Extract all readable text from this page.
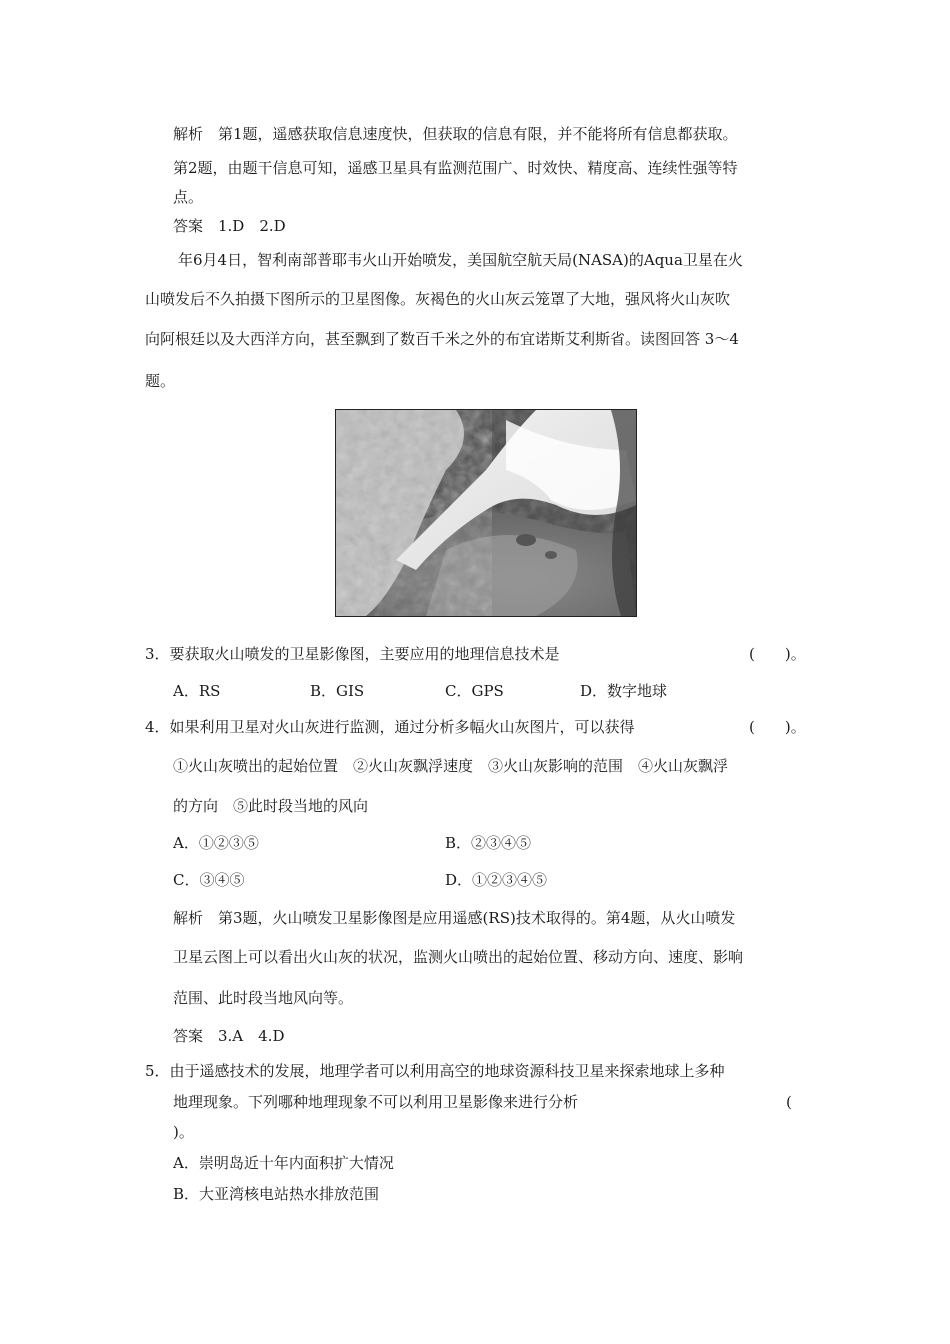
解析　第1题，遥感获取信息速度快，但获取的信息有限，并不能将所有信息都获取。
第2题，由题干信息可知，遥感卫星具有监测范围广、时效快、精度高、连续性强等特
点。
答案　1.D　2.D
年6月4日，智利南部普耶韦火山开始喷发，美国航空航天局(NASA)的Aqua卫星在火
山喷发后不久拍摄下图所示的卫星图像。灰褐色的火山灰云笼罩了大地，强风将火山灰吹
向阿根廷以及大西洋方向，甚至飘到了数百千米之外的布宜诺斯艾利斯省。读图回答 3～4
题。
3．要获取火山喷发的卫星影像图，主要应用的地理信息技术是	(　　)。
A．RS	B．GIS	C．GPS	D．数字地球
4．如果利用卫星对火山灰进行监测，通过分析多幅火山灰图片，可以获得	(　　)。
①火山灰喷出的起始位置　②火山灰飘浮速度　③火山灰影响的范围　④火山灰飘浮
的方向　⑤此时段当地的风向
A．①②③⑤	B．②③④⑤
C．③④⑤	D．①②③④⑤
解析　第3题，火山喷发卫星影像图是应用遥感(RS)技术取得的。第4题，从火山喷发
卫星云图上可以看出火山灰的状况，监测火山喷出的起始位置、移动方向、速度、影响
范围、此时段当地风向等。
答案　3.A　4.D
5．由于遥感技术的发展，地理学者可以利用高空的地球资源科技卫星来探索地球上多种
地理现象。下列哪种地理现象不可以利用卫星影像来进行分析	(
)。
A．崇明岛近十年内面积扩大情况
B．大亚湾核电站热水排放范围
